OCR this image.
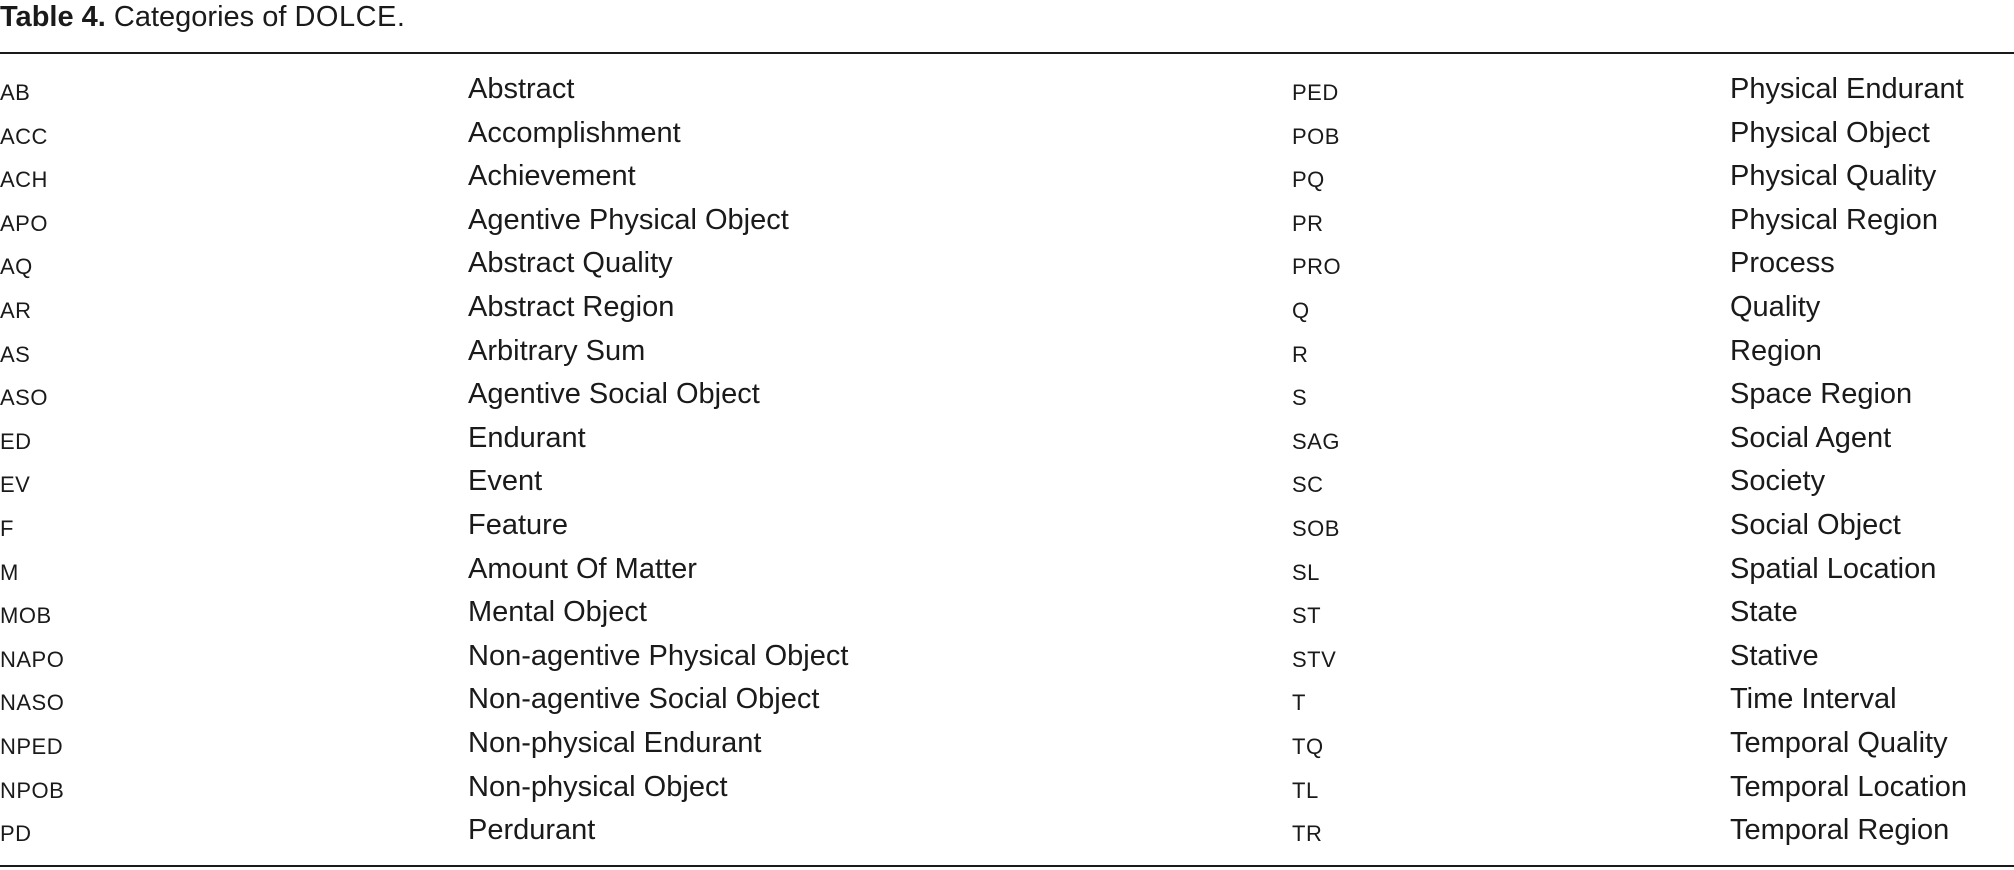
Table 4. Categories of DOLCE.
ab	Abstract	ped	Physical Endurant
acc	Accomplishment	pob	Physical Object
ach	Achievement	pq	Physical Quality
apo	Agentive Physical Object	pr	Physical Region
aq	Abstract Quality	pro	Process
ar	Abstract Region	q	Quality
as	Arbitrary Sum	r	Region
aso	Agentive Social Object	s	Space Region
ed	Endurant	sag	Social Agent
ev	Event	sc	Society
f	Feature	sob	Social Object
m	Amount Of Matter	sl	Spatial Location
mob	Mental Object	st	State
napo	Non-agentive Physical Object	stv	Stative
naso	Non-agentive Social Object	t	Time Interval
nped	Non-physical Endurant	tq	Temporal Quality
npob	Non-physical Object	tl	Temporal Location
pd	Perdurant	tr	Temporal Region
